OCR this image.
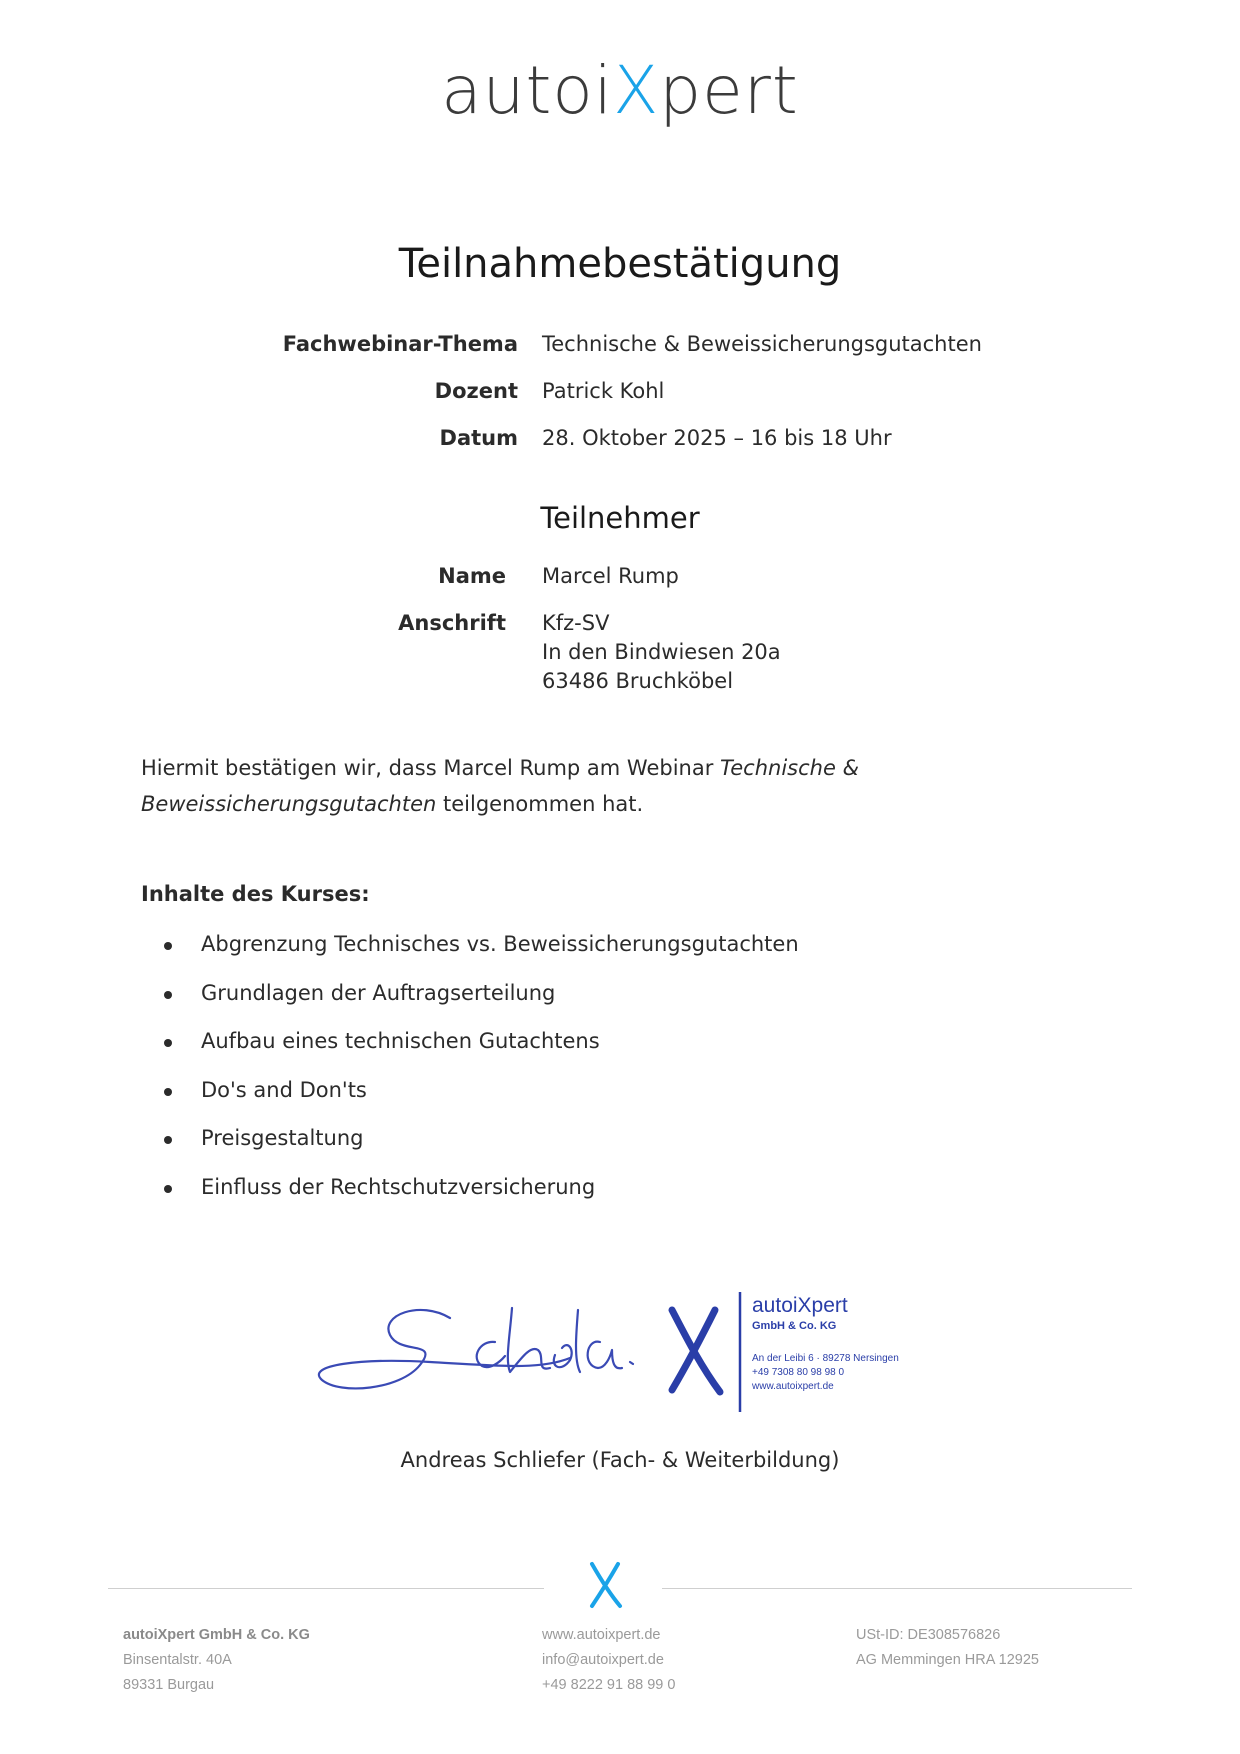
autoiXpert
Teilnahmebestätigung
Fachwebinar-Thema Technische & Beweissicherungsgutachten
Dozent Patrick Kohl
Datum 28. Oktober 2025 – 16 bis 18 Uhr
Teilnehmer
Name Marcel Rump
Anschrift Kfz-SV
In den Bindwiesen 20a
63486 Bruchköbel
Hiermit bestätigen wir, dass Marcel Rump am Webinar Technische & Beweissicherungsgutachten teilgenommen hat.
Inhalte des Kurses:
Abgrenzung Technisches vs. Beweissicherungsgutachten
Grundlagen der Auftragserteilung
Aufbau eines technischen Gutachtens
Do's and Don'ts
Preisgestaltung
Einfluss der Rechtschutzversicherung
autoiXpert
GmbH & Co. KG
An der Leibi 6 · 89278 Nersingen
+49 7308 80 98 98 0
www.autoixpert.de
Andreas Schliefer (Fach- & Weiterbildung)
autoiXpert GmbH & Co. KG
Binsentalstr. 40A
89331 Burgau
www.autoixpert.de
info@autoixpert.de
+49 8222 91 88 99 0
USt-ID: DE308576826
AG Memmingen HRA 12925
